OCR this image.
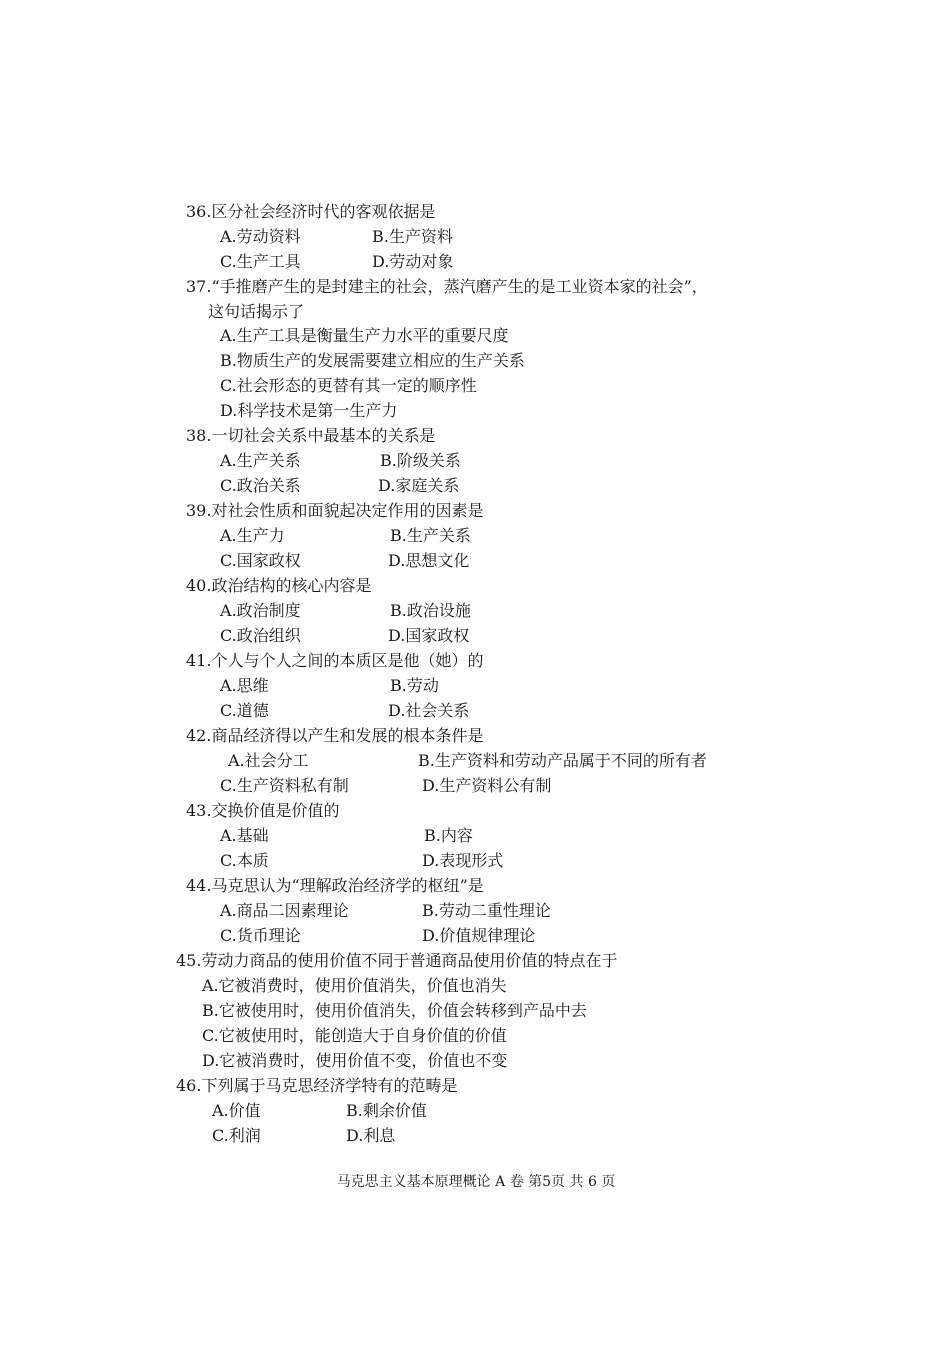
36.区分社会经济时代的客观依据是
A.劳动资料	B.生产资料
C.生产工具	D.劳动对象
37.“手推磨产生的是封建主的社会，蒸汽磨产生的是工业资本家的社会”，
这句话揭示了
A.生产工具是衡量生产力水平的重要尺度
B.物质生产的发展需要建立相应的生产关系
C.社会形态的更替有其一定的顺序性
D.科学技术是第一生产力
38.一切社会关系中最基本的关系是
A.生产关系	B.阶级关系
C.政治关系	D.家庭关系
39.对社会性质和面貌起决定作用的因素是
A.生产力	B.生产关系
C.国家政权	D.思想文化
40.政治结构的核心内容是
A.政治制度	B.政治设施
C.政治组织	D.国家政权
41.个人与个人之间的本质区是他（她）的
A.思维	B.劳动
C.道德	D.社会关系
42.商品经济得以产生和发展的根本条件是
A.社会分工	B.生产资料和劳动产品属于不同的所有者
C.生产资料私有制	D.生产资料公有制
43.交换价值是价值的
A.基础	B.内容
C.本质	D.表现形式
44.马克思认为“理解政治经济学的枢纽”是
A.商品二因素理论	B.劳动二重性理论
C.货币理论	D.价值规律理论
45.劳动力商品的使用价值不同于普通商品使用价值的特点在于
A.它被消费时，使用价值消失，价值也消失
B.它被使用时，使用价值消失，价值会转移到产品中去
C.它被使用时，能创造大于自身价值的价值
D.它被消费时，使用价值不变，价值也不变
46.下列属于马克思经济学特有的范畴是
A.价值	B.剩余价值
C.利润	D.利息
马克思主义基本原理概论 A 卷 第5页 共 6 页
